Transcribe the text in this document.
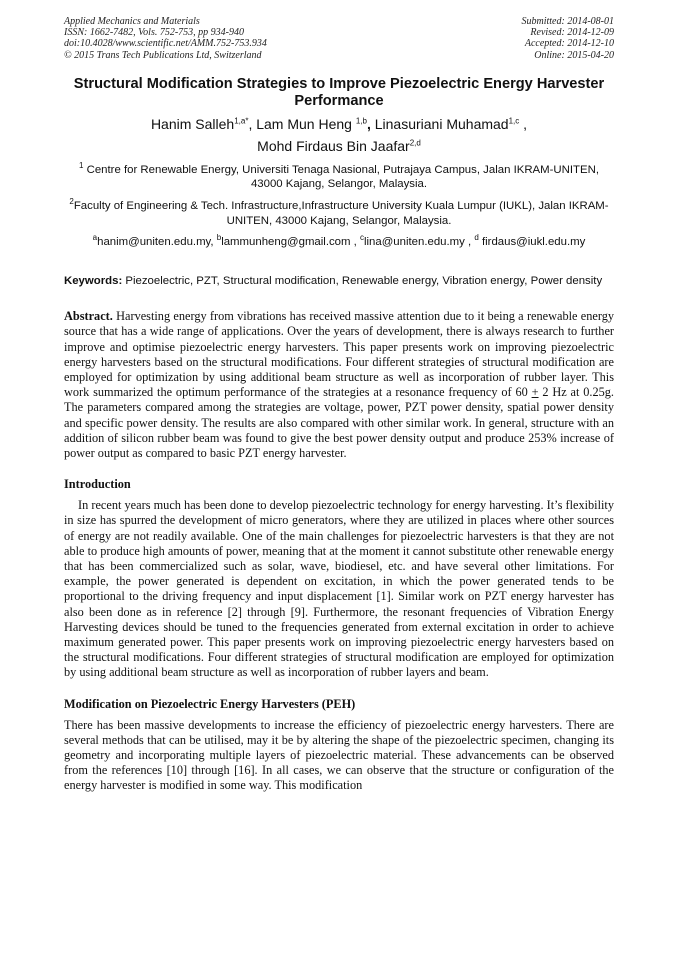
Applied Mechanics and Materials
ISSN: 1662-7482, Vols. 752-753, pp 934-940
doi:10.4028/www.scientific.net/AMM.752-753.934
© 2015 Trans Tech Publications Ltd, Switzerland
Submitted: 2014-08-01
Revised: 2014-12-09
Accepted: 2014-12-10
Online: 2015-04-20
Structural Modification Strategies to Improve Piezoelectric Energy Harvester Performance
Hanim Salleh$^{1,a*}$, Lam Mun Heng $^{1,b}$, Linasuriani Muhamad$^{1,c}$ ,
Mohd Firdaus Bin Jaafar$^{2,d}$
$^1$ Centre for Renewable Energy, Universiti Tenaga Nasional, Putrajaya Campus, Jalan IKRAM-UNITEN, 43000 Kajang, Selangor, Malaysia.
$^2$Faculty of Engineering & Tech. Infrastructure,Infrastructure University Kuala Lumpur (IUKL), Jalan IKRAM-UNITEN, 43000 Kajang, Selangor, Malaysia.
$^a$hanim@uniten.edu.my, $^b$lammunheng@gmail.com , $^c$lina@uniten.edu.my , $^d$ firdaus@iukl.edu.my
Keywords: Piezoelectric, PZT, Structural modification, Renewable energy, Vibration energy, Power density
Abstract. Harvesting energy from vibrations has received massive attention due to it being a renewable energy source that has a wide range of applications. Over the years of development, there is always research to further improve and optimise piezoelectric energy harvesters. This paper presents work on improving piezoelectric energy harvesters based on the structural modifications. Four different strategies of structural modification are employed for optimization by using additional beam structure as well as incorporation of rubber layer. This work summarized the optimum performance of the strategies at a resonance frequency of 60 + 2 Hz at 0.25g. The parameters compared among the strategies are voltage, power, PZT power density, spatial power density and specific power density. The results are also compared with other similar work. In general, structure with an addition of silicon rubber beam was found to give the best power density output and produce 253% increase of power output as compared to basic PZT energy harvester.
Introduction
In recent years much has been done to develop piezoelectric technology for energy harvesting. It’s flexibility in size has spurred the development of micro generators, where they are utilized in places where other sources of energy are not readily available. One of the main challenges for piezoelectric harvesters is that they are not able to produce high amounts of power, meaning that at the moment it cannot substitute other renewable energy that has been commercialized such as solar, wave, biodiesel, etc. and have several other limitations. For example, the power generated is dependent on excitation, in which the power generated tends to be proportional to the driving frequency and input displacement [1]. Similar work on PZT energy harvester has also been done as in reference [2] through [9]. Furthermore, the resonant frequencies of Vibration Energy Harvesting devices should be tuned to the frequencies generated from external excitation in order to achieve maximum generated power. This paper presents work on improving piezoelectric energy harvesters based on the structural modifications. Four different strategies of structural modification are employed for optimization by using additional beam structure as well as incorporation of rubber layers and beam.
Modification on Piezoelectric Energy Harvesters (PEH)
There has been massive developments to increase the efficiency of piezoelectric energy harvesters. There are several methods that can be utilised, may it be by altering the shape of the piezoelectric specimen, changing its geometry and incorporating multiple layers of piezoelectric material. These advancements can be observed from the references [10] through [16]. In all cases, we can observe that the structure or configuration of the energy harvester is modified in some way. This modification
